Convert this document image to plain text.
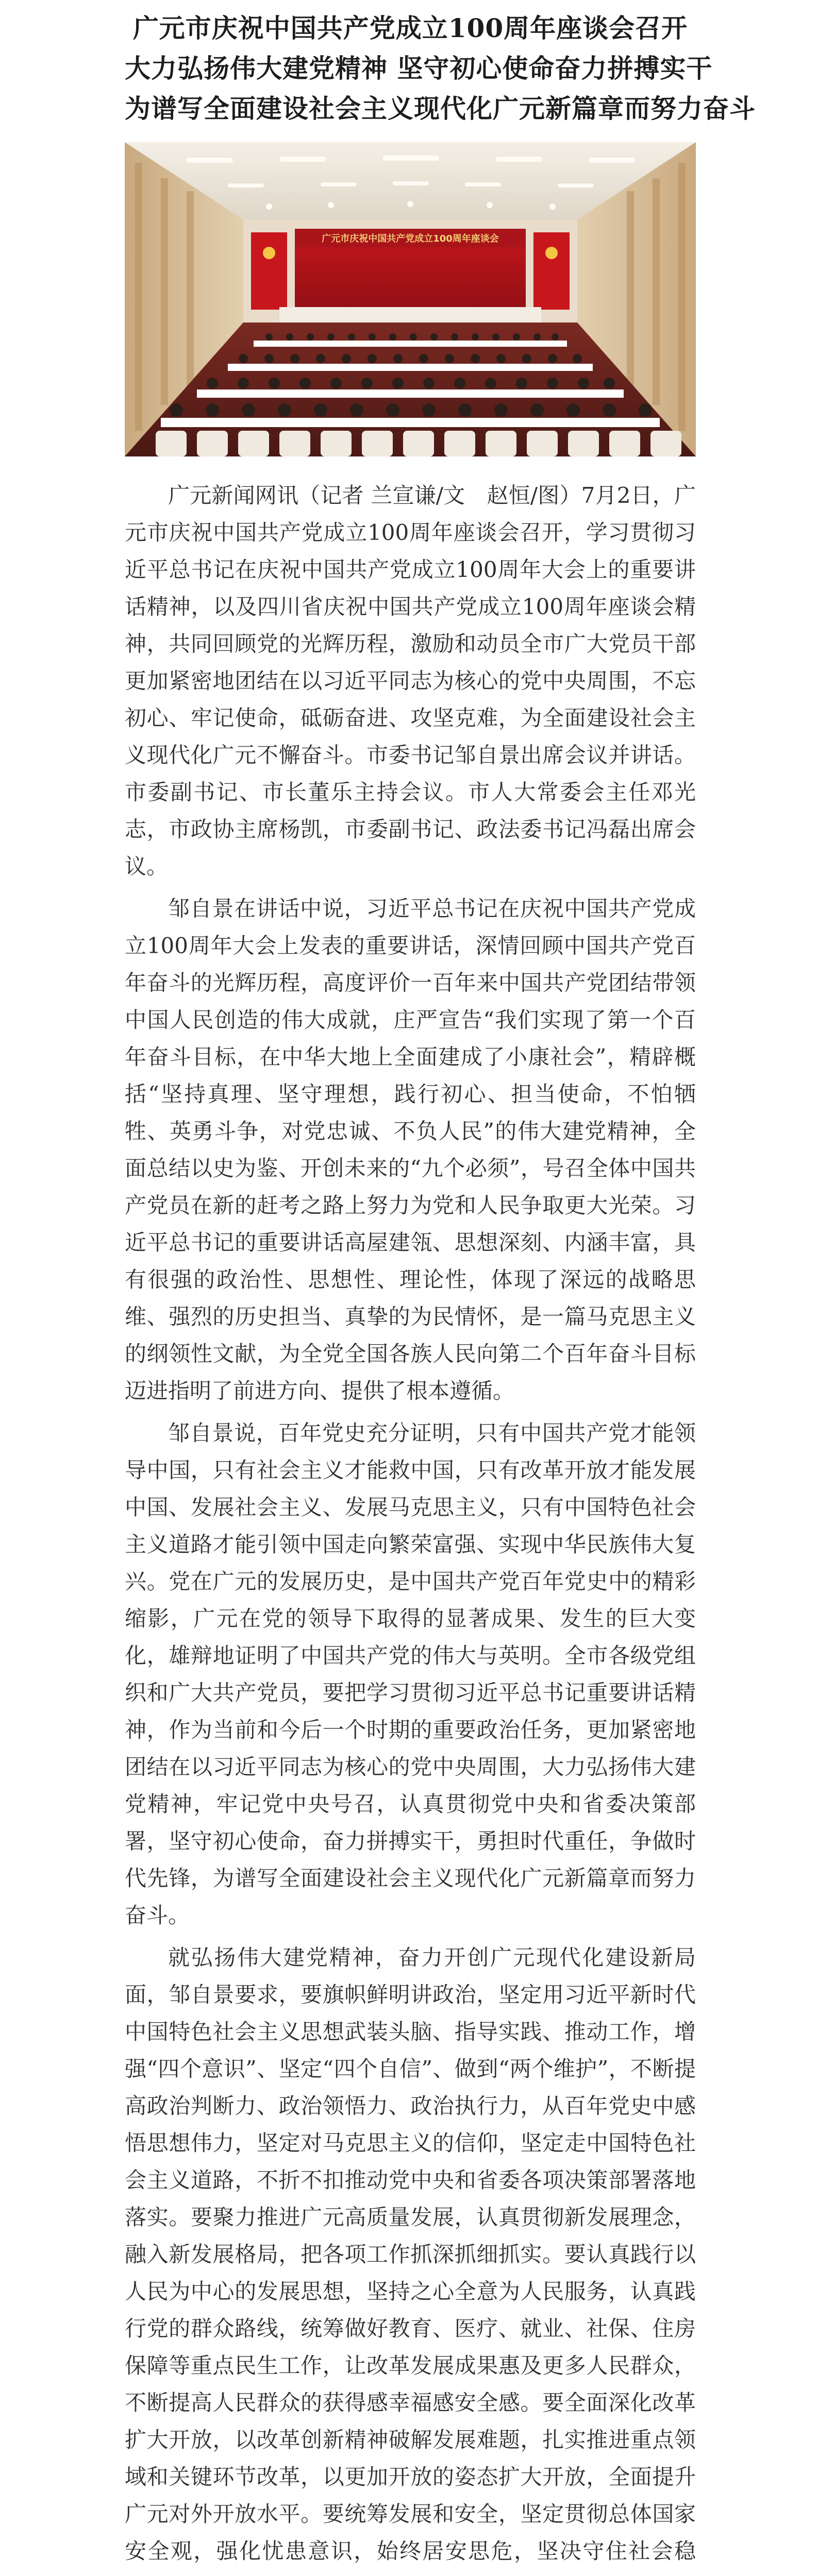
广元市庆祝中国共产党成立100周年座谈会召开
大力弘扬伟大建党精神 坚守初心使命奋力拼搏实干
为谱写全面建设社会主义现代化广元新篇章而努力奋斗
广元市庆祝中国共产党成立100周年座谈会

广元新闻网讯（记者 兰宣谦/文　赵恒/图）7月2日，广元市庆祝中国共产党成立100周年座谈会召开，学习贯彻习近平总书记在庆祝中国共产党成立100周年大会上的重要讲话精神，以及四川省庆祝中国共产党成立100周年座谈会精神，共同回顾党的光辉历程，激励和动员全市广大党员干部更加紧密地团结在以习近平同志为核心的党中央周围，不忘初心、牢记使命，砥砺奋进、攻坚克难，为全面建设社会主义现代化广元不懈奋斗。市委书记邹自景出席会议并讲话。市委副书记、市长董乐主持会议。市人大常委会主任邓光志，市政协主席杨凯，市委副书记、政法委书记冯磊出席会议。

邹自景在讲话中说，习近平总书记在庆祝中国共产党成立100周年大会上发表的重要讲话，深情回顾中国共产党百年奋斗的光辉历程，高度评价一百年来中国共产党团结带领中国人民创造的伟大成就，庄严宣告“我们实现了第一个百年奋斗目标，在中华大地上全面建成了小康社会”，精辟概括“坚持真理、坚守理想，践行初心、担当使命，不怕牺牲、英勇斗争，对党忠诚、不负人民”的伟大建党精神，全面总结以史为鉴、开创未来的“九个必须”，号召全体中国共产党员在新的赶考之路上努力为党和人民争取更大光荣。习近平总书记的重要讲话高屋建瓴、思想深刻、内涵丰富，具有很强的政治性、思想性、理论性，体现了深远的战略思维、强烈的历史担当、真挚的为民情怀，是一篇马克思主义的纲领性文献，为全党全国各族人民向第二个百年奋斗目标迈进指明了前进方向、提供了根本遵循。

邹自景说，百年党史充分证明，只有中国共产党才能领导中国，只有社会主义才能救中国，只有改革开放才能发展中国、发展社会主义、发展马克思主义，只有中国特色社会主义道路才能引领中国走向繁荣富强、实现中华民族伟大复兴。党在广元的发展历史，是中国共产党百年党史中的精彩缩影，广元在党的领导下取得的显著成果、发生的巨大变化，雄辩地证明了中国共产党的伟大与英明。全市各级党组织和广大共产党员，要把学习贯彻习近平总书记重要讲话精神，作为当前和今后一个时期的重要政治任务，更加紧密地团结在以习近平同志为核心的党中央周围，大力弘扬伟大建党精神，牢记党中央号召，认真贯彻党中央和省委决策部署，坚守初心使命，奋力拼搏实干，勇担时代重任，争做时代先锋，为谱写全面建设社会主义现代化广元新篇章而努力奋斗。

就弘扬伟大建党精神，奋力开创广元现代化建设新局面，邹自景要求，要旗帜鲜明讲政治，坚定用习近平新时代中国特色社会主义思想武装头脑、指导实践、推动工作，增强“四个意识”、坚定“四个自信”、做到“两个维护”，不断提高政治判断力、政治领悟力、政治执行力，从百年党史中感悟思想伟力，坚定对马克思主义的信仰，坚定走中国特色社会主义道路，不折不扣推动党中央和省委各项决策部署落地落实。要聚力推进广元高质量发展，认真贯彻新发展理念，融入新发展格局，把各项工作抓深抓细抓实。要认真践行以人民为中心的发展思想，坚持之心全意为人民服务，认真践行党的群众路线，统筹做好教育、医疗、就业、社保、住房保障等重点民生工作，让改革发展成果惠及更多人民群众，不断提高人民群众的获得感幸福感安全感。要全面深化改革扩大开放，以改革创新精神破解发展难题，扎实推进重点领域和关键环节改革，以更加开放的姿态扩大开放，全面提升广元对外开放水平。要统筹发展和安全，坚定贯彻总体国家安全观，强化忧患意识，始终居安思危，坚决守住社会稳
